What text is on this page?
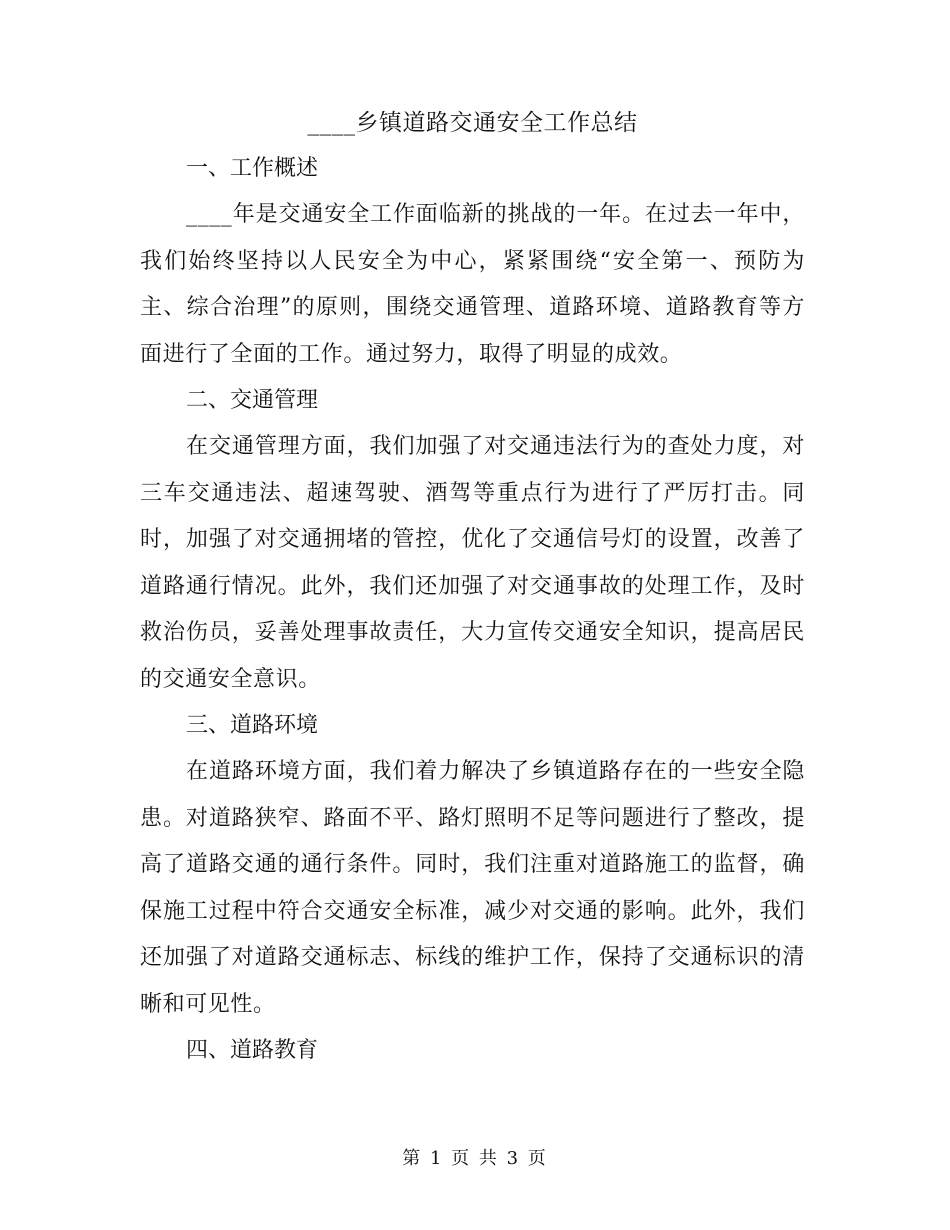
____乡镇道路交通安全工作总结
一、工作概述

____年是交通安全工作面临新的挑战的一年。在过去一年中，我们始终坚持以人民安全为中心，紧紧围绕“安全第一、预防为主、综合治理”的原则，围绕交通管理、道路环境、道路教育等方面进行了全面的工作。通过努力，取得了明显的成效。

二、交通管理

在交通管理方面，我们加强了对交通违法行为的查处力度，对三车交通违法、超速驾驶、酒驾等重点行为进行了严厉打击。同时，加强了对交通拥堵的管控，优化了交通信号灯的设置，改善了道路通行情况。此外，我们还加强了对交通事故的处理工作，及时救治伤员，妥善处理事故责任，大力宣传交通安全知识，提高居民的交通安全意识。

三、道路环境

在道路环境方面，我们着力解决了乡镇道路存在的一些安全隐患。对道路狭窄、路面不平、路灯照明不足等问题进行了整改，提高了道路交通的通行条件。同时，我们注重对道路施工的监督，确保施工过程中符合交通安全标准，减少对交通的影响。此外，我们还加强了对道路交通标志、标线的维护工作，保持了交通标识的清晰和可见性。

四、道路教育

第 1 页 共 3 页
